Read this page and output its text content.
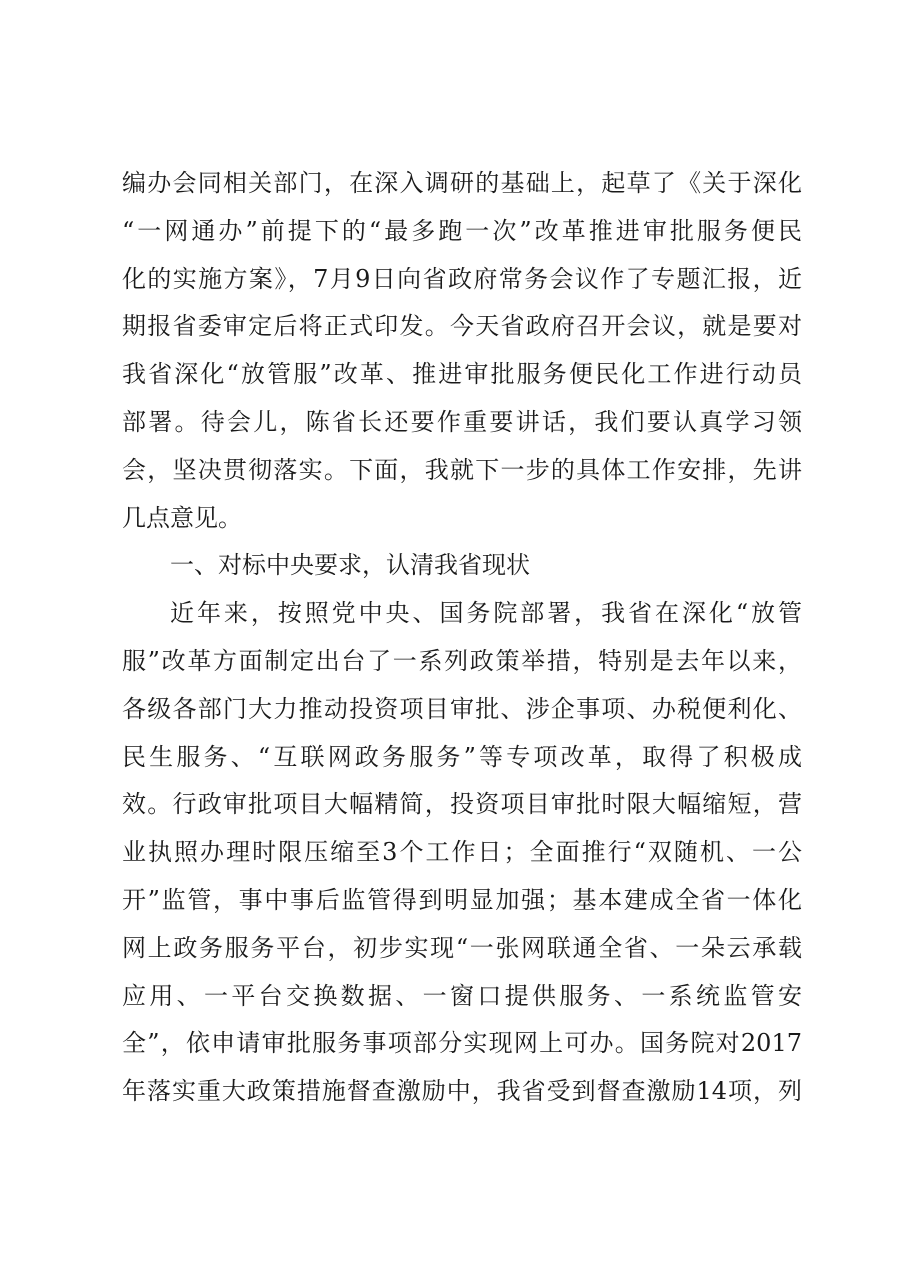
编办会同相关部门，在深入调研的基础上，起草了《关于深化
“一网通办”前提下的“最多跑一次”改革推进审批服务便民
化的实施方案》，7月9日向省政府常务会议作了专题汇报，近
期报省委审定后将正式印发。今天省政府召开会议，就是要对
我省深化“放管服”改革、推进审批服务便民化工作进行动员
部署。待会儿，陈省长还要作重要讲话，我们要认真学习领
会，坚决贯彻落实。下面，我就下一步的具体工作安排，先讲
几点意见。
一、对标中央要求，认清我省现状
近年来，按照党中央、国务院部署，我省在深化“放管
服”改革方面制定出台了一系列政策举措，特别是去年以来，
各级各部门大力推动投资项目审批、涉企事项、办税便利化、
民生服务、“互联网政务服务”等专项改革，取得了积极成
效。行政审批项目大幅精简，投资项目审批时限大幅缩短，营
业执照办理时限压缩至3个工作日；全面推行“双随机、一公
开”监管，事中事后监管得到明显加强；基本建成全省一体化
网上政务服务平台，初步实现“一张网联通全省、一朵云承载
应用、一平台交换数据、一窗口提供服务、一系统监管安
全”，依申请审批服务事项部分实现网上可办。国务院对2017
年落实重大政策措施督查激励中，我省受到督查激励14项，列
